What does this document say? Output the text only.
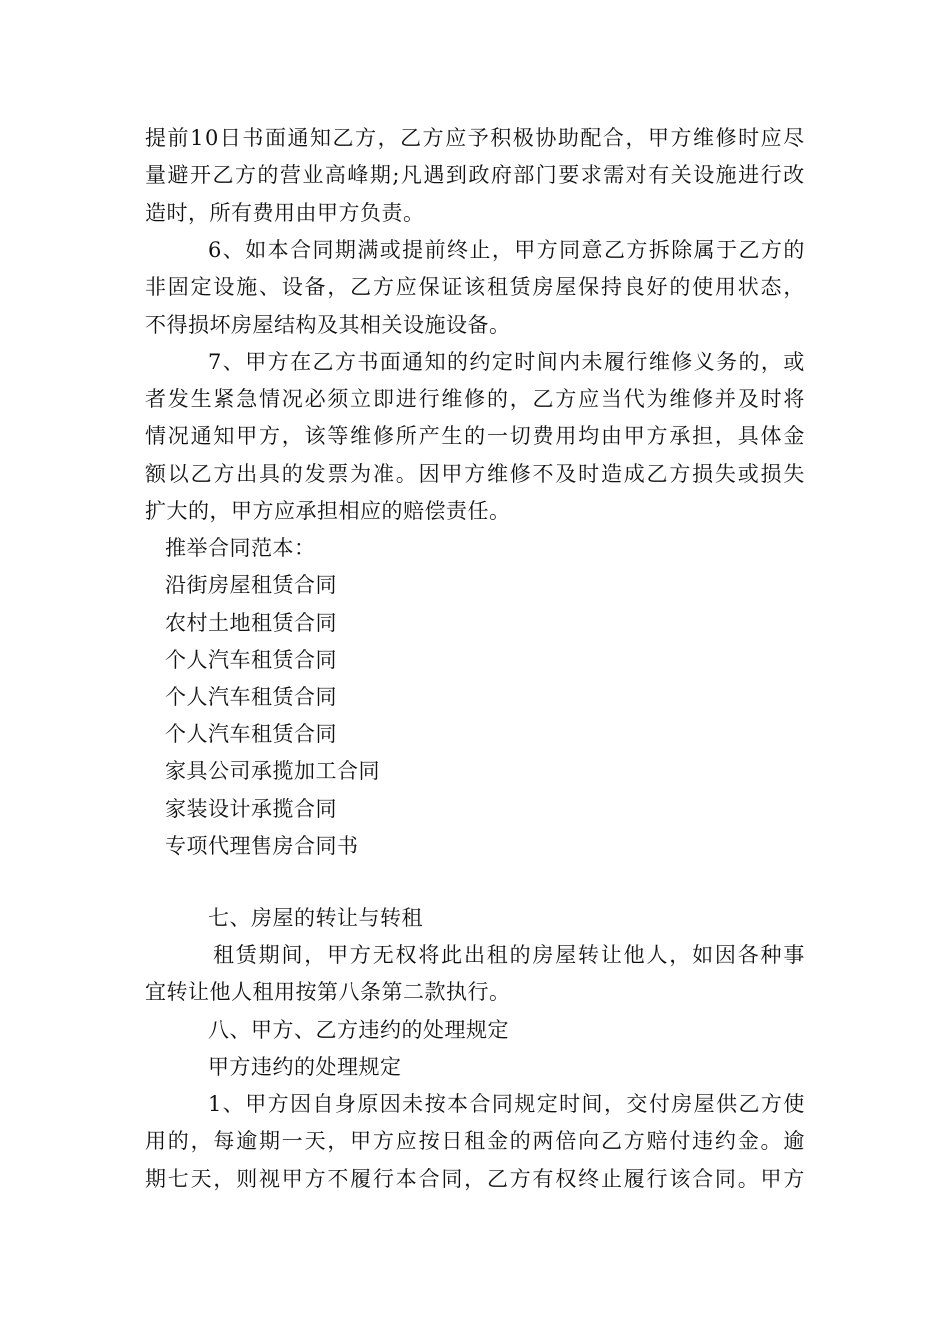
提 前 1 0 日 书 面 通 知 乙 方 ， 乙 方 应 予 积 极 协 助 配 合 ， 甲 方 维 修 时 应 尽
量 避 开 乙 方 的 营 业 高 峰 期 ; 凡 遇 到 政 府 部 门 要 求 需 对 有 关 设 施 进 行 改
造时，所有费用由甲方负责。
6 、 如 本 合 同 期 满 或 提 前 终 止 ， 甲 方 同 意 乙 方 拆 除 属 于 乙 方 的
非 固 定 设 施 、 设 备 ， 乙 方 应 保 证 该 租 赁 房 屋 保 持 良 好 的 使 用 状 态 ，
不得损坏房屋结构及其相关设施设备。
7 、 甲 方 在 乙 方 书 面 通 知 的 约 定 时 间 内 未 履 行 维 修 义 务 的 ， 或
者 发 生 紧 急 情 况 必 须 立 即 进 行 维 修 的 ， 乙 方 应 当 代 为 维 修 并 及 时 将
情 况 通 知 甲 方 ， 该 等 维 修 所 产 生 的 一 切 费 用 均 由 甲 方 承 担 ， 具 体 金
额 以 乙 方 出 具 的 发 票 为 准 。 因 甲 方 维 修 不 及 时 造 成 乙 方 损 失 或 损 失
扩大的，甲方应承担相应的赔偿责任。
推举合同范本：
沿街房屋租赁合同
农村土地租赁合同
个人汽车租赁合同
个人汽车租赁合同
个人汽车租赁合同
家具公司承揽加工合同
家装设计承揽合同
专项代理售房合同书
七、房屋的转让与转租
租 赁 期 间 ， 甲 方 无 权 将 此 出 租 的 房 屋 转 让 他 人 ， 如 因 各 种 事
宜转让他人租用按第八条第二款执行。
八、甲方、乙方违约的处理规定
甲方违约的处理规定
1 、 甲 方 因 自 身 原 因 未 按 本 合 同 规 定 时 间 ， 交 付 房 屋 供 乙 方 使
用 的 ， 每 逾 期 一 天 ， 甲 方 应 按 日 租 金 的 两 倍 向 乙 方 赔 付 违 约 金 。 逾
期 七 天 ， 则 视 甲 方 不 履 行 本 合 同 ， 乙 方 有 权 终 止 履 行 该 合 同 。 甲 方
